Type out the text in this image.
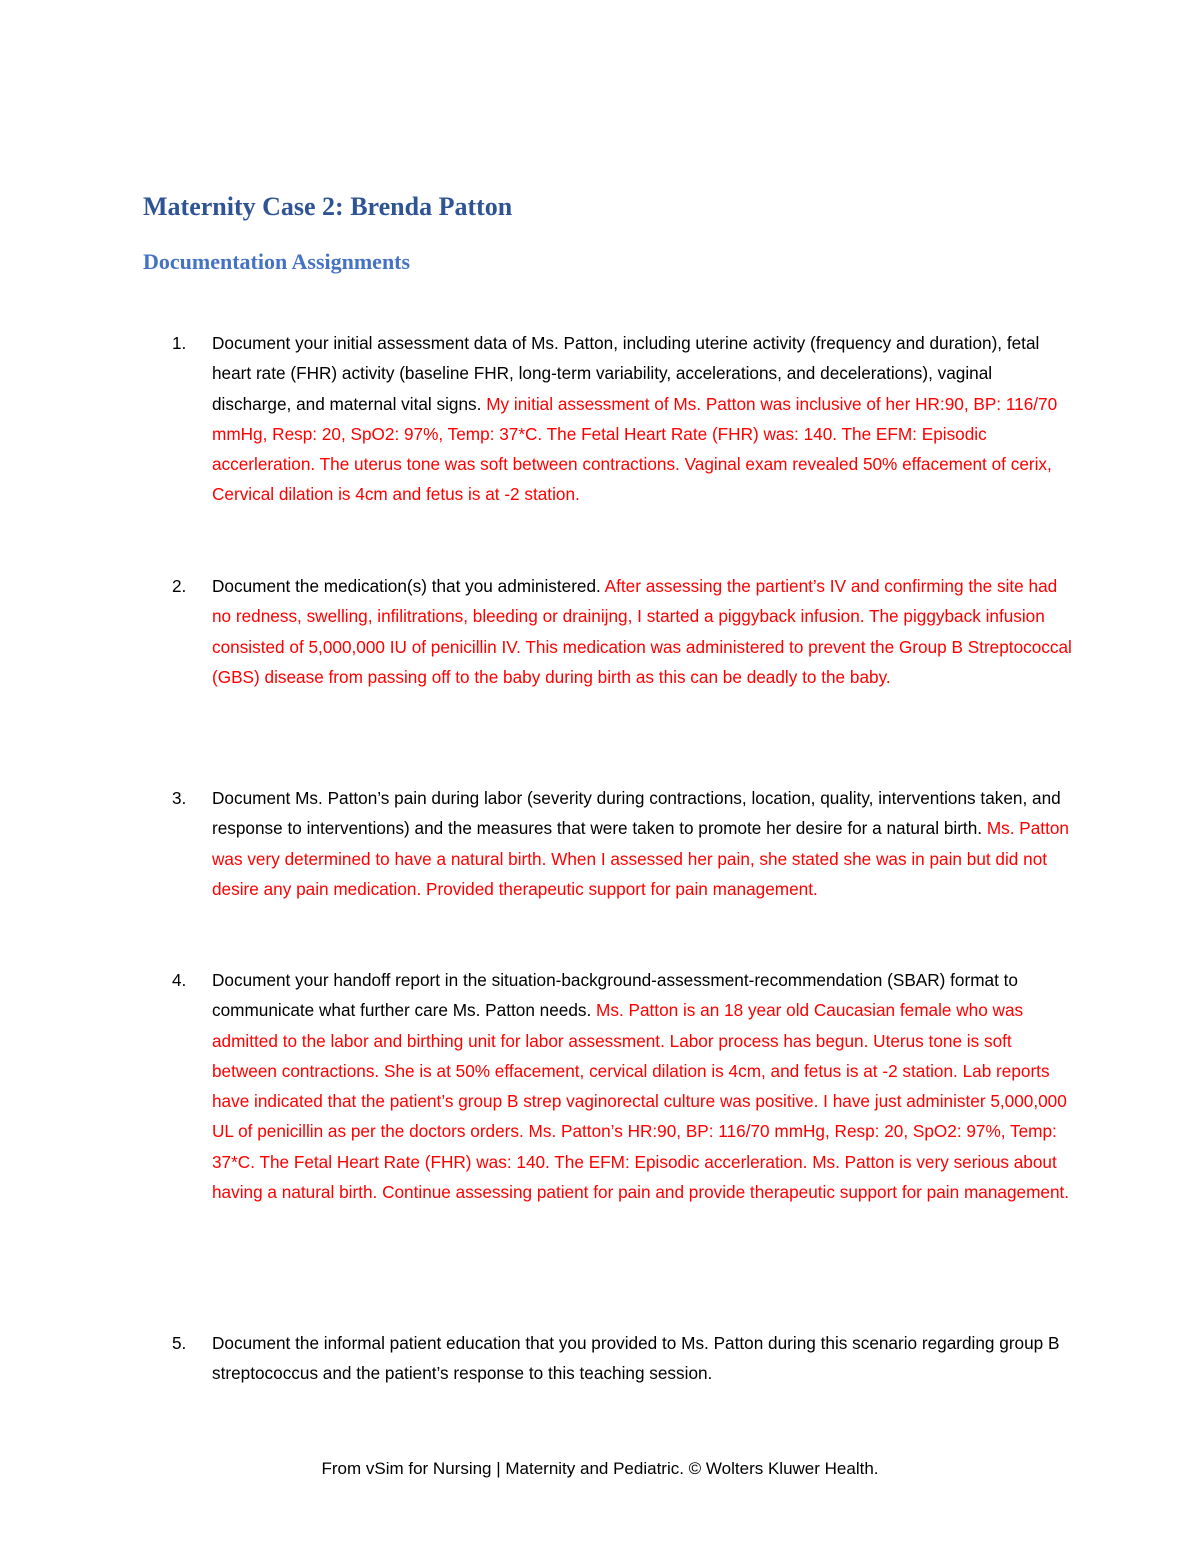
Maternity Case 2: Brenda Patton
Documentation Assignments
1.	Document your initial assessment data of Ms. Patton, including uterine activity (frequency and duration), fetal heart rate (FHR) activity (baseline FHR, long-term variability, accelerations, and decelerations), vaginal discharge, and maternal vital signs. My initial assessment of Ms. Patton was inclusive of her HR:90, BP: 116/70 mmHg, Resp: 20, SpO2: 97%, Temp: 37*C. The Fetal Heart Rate (FHR) was: 140. The EFM: Episodic accerleration. The uterus tone was soft between contractions. Vaginal exam revealed 50% effacement of cerix, Cervical dilation is 4cm and fetus is at -2 station.
2.	Document the medication(s) that you administered. After assessing the partient’s IV and confirming the site had no redness, swelling, infilitrations, bleeding or drainijng, I started a piggyback infusion. The piggyback infusion consisted of 5,000,000 IU of penicillin IV. This medication was administered to prevent the Group B Streptococcal (GBS) disease from passing off to the baby during birth as this can be deadly to the baby.
3.	Document Ms. Patton’s pain during labor (severity during contractions, location, quality, interventions taken, and response to interventions) and the measures that were taken to promote her desire for a natural birth. Ms. Patton was very determined to have a natural birth. When I assessed her pain, she stated she was in pain but did not desire any pain medication. Provided therapeutic support for pain management.
4.	Document your handoff report in the situation-background-assessment-recommendation (SBAR) format to communicate what further care Ms. Patton needs. Ms. Patton is an 18 year old Caucasian female who was admitted to the labor and birthing unit for labor assessment. Labor process has begun. Uterus tone is soft between contractions. She is at 50% effacement, cervical dilation is 4cm, and fetus is at -2 station. Lab reports have indicated that the patient’s group B strep vaginorectal culture was positive. I have just administer 5,000,000 UL of penicillin as per the doctors orders. Ms. Patton’s HR:90, BP: 116/70 mmHg, Resp: 20, SpO2: 97%, Temp: 37*C. The Fetal Heart Rate (FHR) was: 140. The EFM: Episodic accerleration. Ms. Patton is very serious about having a natural birth. Continue assessing patient for pain and provide therapeutic support for pain management.
5.	Document the informal patient education that you provided to Ms. Patton during this scenario regarding group B streptococcus and the patient’s response to this teaching session.
From vSim for Nursing | Maternity and Pediatric. © Wolters Kluwer Health.
